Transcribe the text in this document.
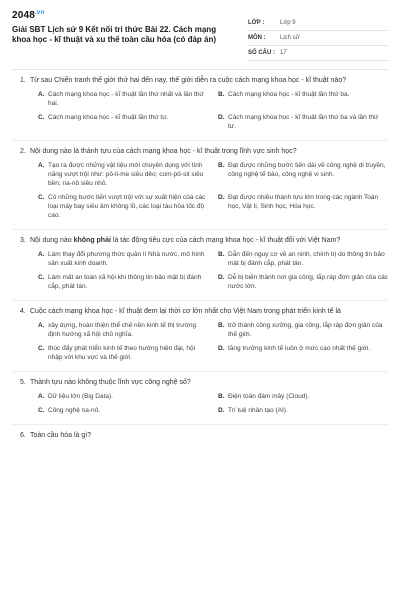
$2048^{.vn}$
Giải SBT Lịch sử 9 Kết nối tri thức Bài 22. Cách mạng khoa học - kĩ thuật và xu thế toàn cầu hóa (có đáp án)
LỚP :	Lớp 9
MÔN :	Lịch sử
SỐ CÂU : 17
1. Từ sau Chiến tranh thế giới thứ hai đến nay, thế giới diễn ra cuộc cách mạng khoa học - kĩ thuật nào?
A. Cách mạng khoa học - kĩ thuật lần thứ nhất và lần thứ hai.
B. Cách mạng khoa học - kĩ thuật lần thứ ba.
C. Cách mạng khoa học - kĩ thuật lần thứ tư.	D. Cách mạng khoa học - kĩ thuật lần thứ ba và lần thứ tư.
2. Nội dung nào là thành tựu của cách mạng khoa học - kĩ thuật trong lĩnh vực sinh học?
A. Tạo ra được những vật liệu mới chuyên dụng với tính năng vượt trội như: pô-li-me siêu dẻo; com-pô-sit siêu bền; na-nô siêu nhỏ.
B. Đạt được những bước tiến dài về công nghệ di truyền, công nghệ tế bào, công nghệ vi sinh.
C. Có những bước tiến vượt trội với sự xuất hiện của các loại máy bay siêu âm không lồ, các loại tàu hỏa tốc độ cao.
D. Đạt được nhiều thành tựu lớn trong các ngành Toán học, Vật lí, Sinh học, Hóa học.
3. Nội dung nào không phải là tác động tiêu cực của cách mạng khoa học - kĩ thuật đối với Việt Nam?
A. Làm thay đổi phương thức quản lí Nhà nước, mô hình sản xuất kinh doanh.
B. Dẫn đến nguy cơ về an ninh, chính trị do thông tin bảo mật bị đánh cắp, phát tán.
C. Làm mất an toàn xã hội khi thông tin bảo mật bị đánh cắp, phát tán.
D. Dễ bị biến thành nơi gia công, lắp ráp đơn giản của các nước lớn.
4. Cuộc cách mạng khoa học - kĩ thuật đem lại thời cơ lớn nhất cho Việt Nam trong phát triển kinh tế là
A. xây dựng, hoàn thiện thể chế nền kinh tế thị trường định hướng xã hội chủ nghĩa.
B. trở thành công xưởng, gia công, lắp ráp đơn giản của thế giới.
C. thúc đẩy phát triển kinh tế theo hướng hiện đại, hội nhập với khu vực và thế giới.
D. tăng trưởng kinh tế luôn ở mức cao nhất thế giới.
5. Thành tựu nào không thuộc lĩnh vực công nghệ số?
A. Dữ liệu lớn (Big Data).	B. Điện toán đám mây (Cloud).
C. Công nghệ na-nô.	D. Trí tuệ nhân tạo (AI).
6. Toàn cầu hóa là gì?
